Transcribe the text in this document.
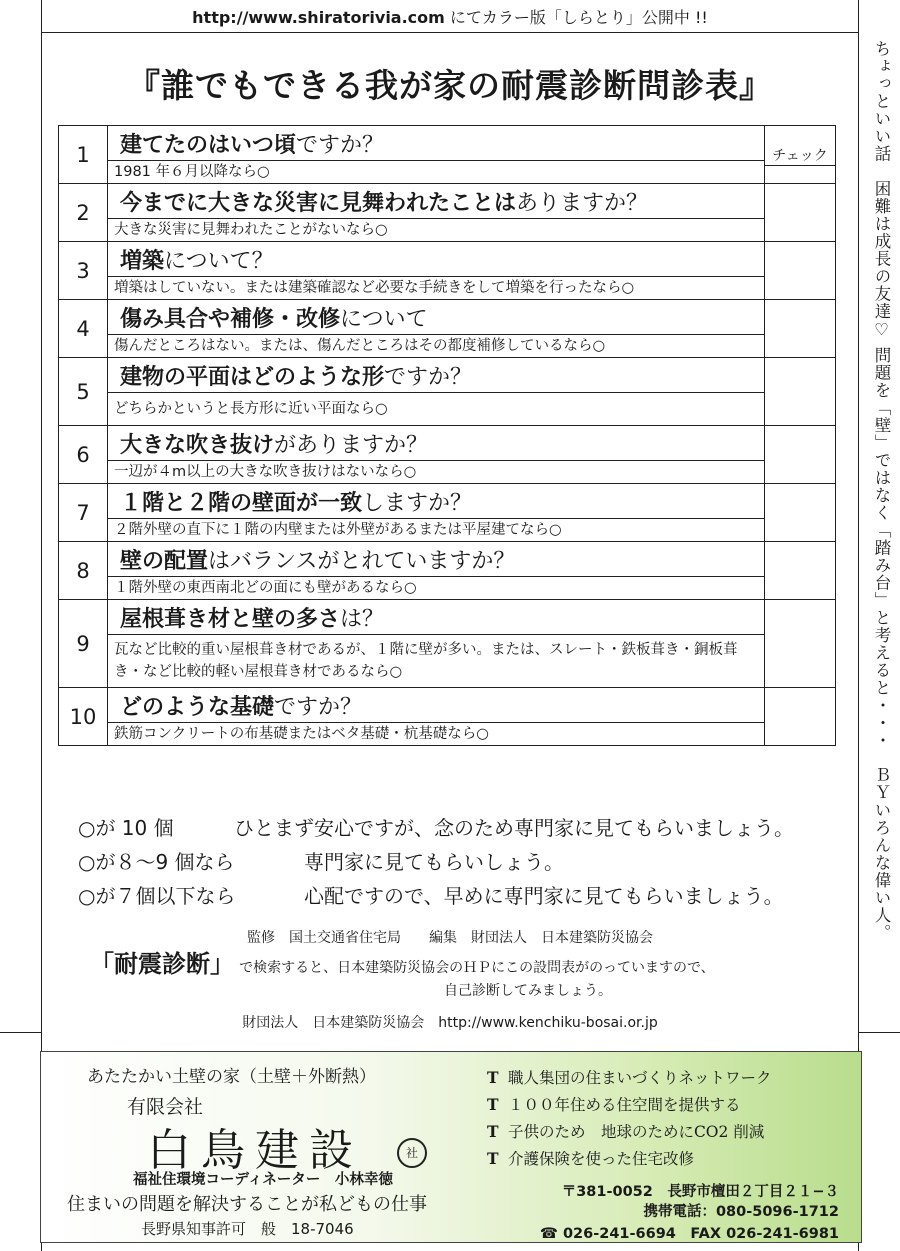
http://www.shiratorivia.com にてカラー版「しらとり」公開中 !!
ちょっといい話　困難は成長の友達♡ 問題を「壁」ではなく「踏み台」と考えると・・・　ＢＹいろんな偉い人。
『誰でもできる我が家の耐震診断問診表』
1	建てたのはいつ頃ですか？	チェック

	1981 年６月以降なら○	
2	今までに大きな災害に見舞われたことはありますか？	
	大きな災害に見舞われたことがないなら○	
3	増築について？	
	増築はしていない。または建築確認など必要な手続きをして増築を行ったなら○	
4	傷み具合や補修・改修について	
	傷んだところはない。または、傷んだところはその都度補修しているなら○	
5	建物の平面はどのような形ですか？	
	どちらかというと長方形に近い平面なら○	
6	大きな吹き抜けがありますか？	
	一辺が４m以上の大きな吹き抜けはないなら○	
7	１階と２階の壁面が一致しますか？	
	２階外壁の直下に１階の内壁または外壁があるまたは平屋建てなら○	
8	壁の配置はバランスがとれていますか？	
	１階外壁の東西南北どの面にも壁があるなら○	
9	屋根葺き材と壁の多さは？	
	瓦など比較的重い屋根葺き材であるが、１階に壁が多い。または、スレート・鉄板葺き・銅板葺き・など比較的軽い屋根葺き材であるなら○	
10	どのような基礎ですか？	
	鉄筋コンクリートの布基礎またはベタ基礎・杭基礎なら○	
○が 10 個	ひとまず安心ですが、念のため専門家に見てもらいましょう。
○が８～9 個なら	専門家に見てもらいしょう。
○が７個以下なら	心配ですので、早めに専門家に見てもらいましょう。
監修　国土交通省住宅局　　編集　財団法人　日本建築防災協会
「耐震診断」 で検索すると、日本建築防災協会のＨＰにこの設問表がのっていますので、
自己診断してみましょう。
財団法人　日本建築防災協会　http://www.kenchiku-bosai.or.jp
あたたかい土壁の家（土壁＋外断熱）
有限会社
白鳥建設	社
福祉住環境コーディネーター　小林幸徳
住まいの問題を解決することが私どもの仕事
長野県知事許可　般　18-7046
T 職人集団の住まいづくりネットワーク
T １００年住める住空間を提供する
T 子供のため　地球のためにCO2 削減
T 介護保険を使った住宅改修
〒381-0052　長野市檀田２丁目２１−３
携帯電話：080-5096-1712
☎ 026-241-6694　FAX 026-241-6981
